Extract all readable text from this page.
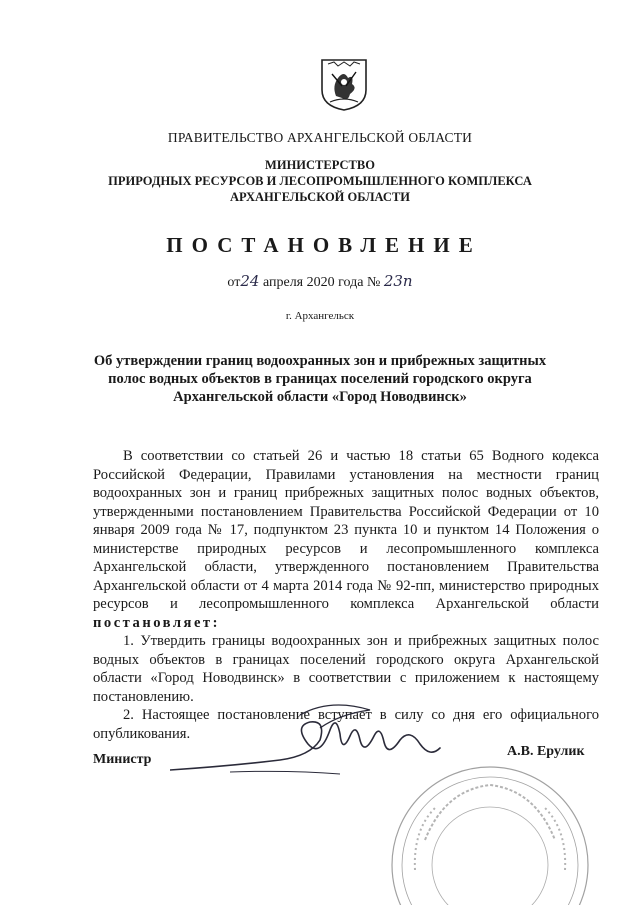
ПРАВИТЕЛЬСТВО АРХАНГЕЛЬСКОЙ ОБЛАСТИ
МИНИСТЕРСТВО
ПРИРОДНЫХ РЕСУРСОВ И ЛЕСОПРОМЫШЛЕННОГО КОМПЛЕКСА
АРХАНГЕЛЬСКОЙ ОБЛАСТИ
ПОСТАНОВЛЕНИЕ
от24 апреля 2020 года № 23п
г. Архангельск
Об утверждении границ водоохранных зон и прибрежных защитных
полос водных объектов в границах поселений городского округа
Архангельской области «Город Новодвинск»

В соответствии со статьей 26 и частью 18 статьи 65 Водного кодекса Российской Федерации, Правилами установления на местности границ водоохранных зон и границ прибрежных защитных полос водных объектов, утвержденными постановлением Правительства Российской Федерации от 10 января 2009 года № 17, подпунктом 23 пункта 10 и пунктом 14 Положения о министерстве природных ресурсов и лесопромышленного комплекса Архангельской области, утвержденного постановлением Правительства Архангельской области от 4 марта 2014 года № 92-пп, министерство природных ресурсов и лесопромышленного комплекса Архангельской области постановляет:

1. Утвердить границы водоохранных зон и прибрежных защитных полос водных объектов в границах поселений городского округа Архангельской области «Город Новодвинск» в соответствии с приложением к настоящему постановлению.

2. Настоящее постановление вступает в силу со дня его официального опубликования.

Министр
А.В. Ерулик
